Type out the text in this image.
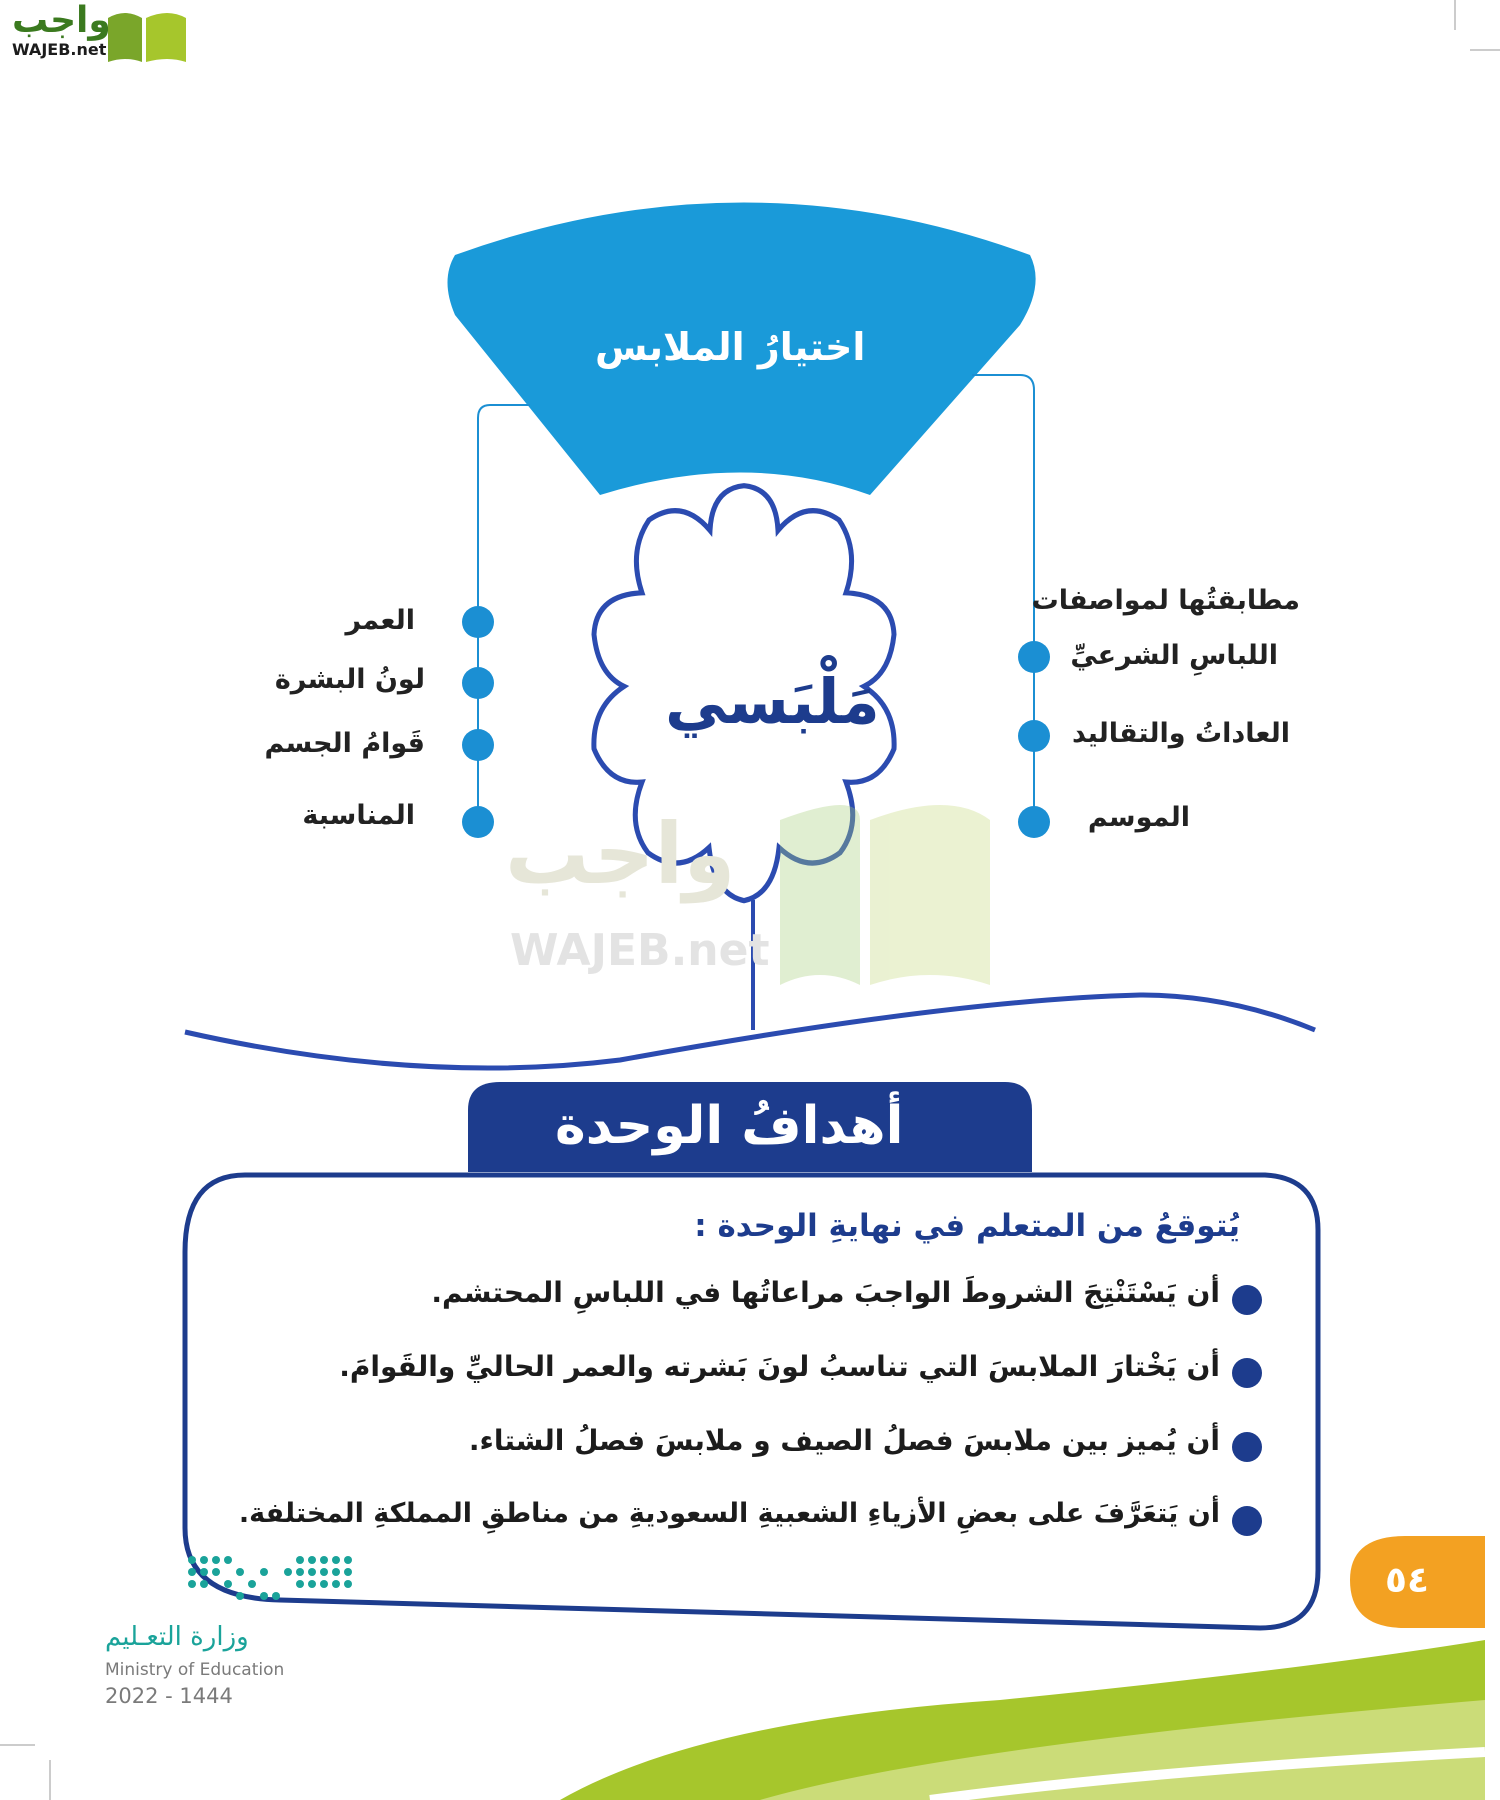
واجب
WAJEB.net
اختيارُ الملابس
مَلْبَسي
العمر
لونُ البشرة
قَوامُ الجسم
المناسبة
مطابقتُها لمواصفات
اللباسِ الشرعيِّ
العاداتُ والتقاليد
الموسم
واجب
WAJEB.net
أهدافُ الوحدة
يُتوقعُ من المتعلم في نهايةِ الوحدة :
أن يَسْتَنْتِجَ الشروطَ الواجبَ مراعاتُها في اللباسِ المحتشم.
أن يَخْتارَ الملابسَ التي تناسبُ لونَ بَشرته والعمر الحاليِّ والقَوامَ.
أن يُميز بين ملابسَ فصلُ الصيف و ملابسَ فصلُ الشتاء.
أن يَتعَرَّفَ على بعضِ الأزياءِ الشعبيةِ السعوديةِ من مناطقِ المملكةِ المختلفة.
٥٤
وزارة التعـليم
Ministry of Education
2022 - 1444
